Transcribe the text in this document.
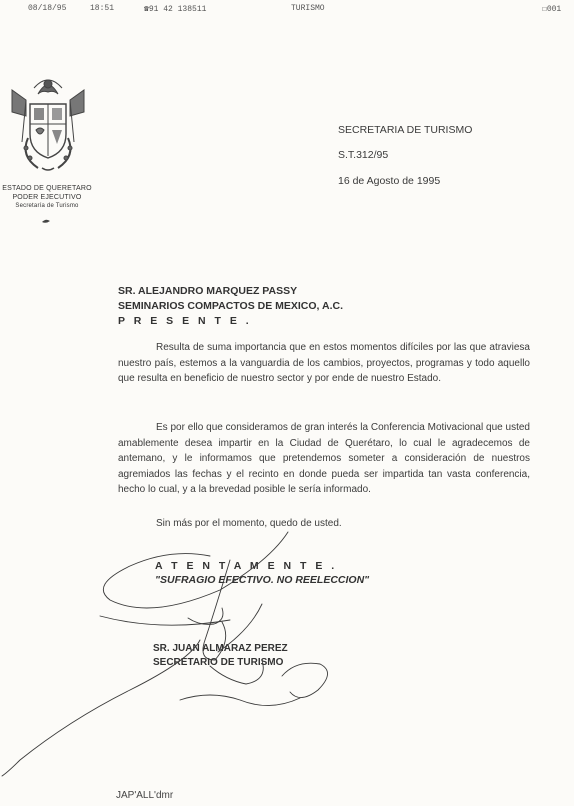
08/18/95	18:51	☎91 42 138511	TURISMO	☐001
ESTADO DE QUERETARO
PODER EJECUTIVO
Secretaría de Turismo
SECRETARIA DE TURISMO
S.T.312/95
16 de Agosto de 1995
SR. ALEJANDRO MARQUEZ PASSY
SEMINARIOS COMPACTOS DE MEXICO, A.C.
P R E S E N T E .

Resulta de suma importancia que en estos momentos difíciles por las que atraviesa nuestro país, estemos a la vanguardia de los cambios, proyectos, programas y todo aquello que resulta en beneficio de nuestro sector y por ende de nuestro Estado.

Es por ello que consideramos de gran interés la Conferencia Motivacional que usted amablemente desea impartir en la Ciudad de Querétaro, lo cual le agradecemos de antemano, y le informamos que pretendemos someter a consideración de nuestros agremiados las fechas y el recinto en donde pueda ser impartida tan vasta conferencia, hecho lo cual, y a la brevedad posible le sería informado.

Sin más por el momento, quedo de usted.
A T E N T A M E N T E .
"SUFRAGIO EFECTIVO. NO REELECCION"
SR. JUAN ALMARAZ PEREZ
SECRETARIO DE TURISMO
JAP'ALL'dmr
